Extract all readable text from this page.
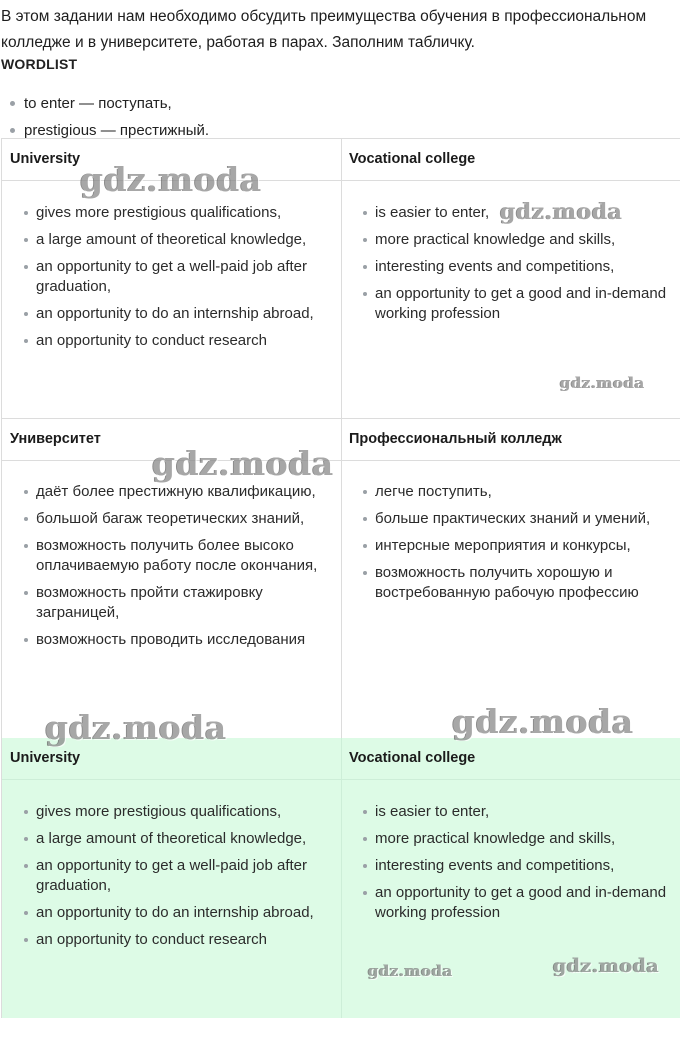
В этом задании нам необходимо обсудить преимущества обучения в профессиональном колледже и в университете, работая в парах. Заполним табличку.
WORDLIST
to enter — поступать,
prestigious — престижный.
University	Vocational college
gives more prestigious qualifications,
a large amount of theoretical knowledge,
an opportunity to get a well-paid job after graduation,
an opportunity to do an internship abroad,
an opportunity to conduct research
is easier to enter,
more practical knowledge and skills,
interesting events and competitions,
an opportunity to get a good and in-demand working profession
Университет	Профессиональный колледж
даёт более престижную квалификацию,
большой багаж теоретических знаний,
возможность получить более высоко оплачиваемую работу после окончания,
возможность пройти стажировку заграницей,
возможность проводить исследования
легче поступить,
больше практических знаний и умений,
интерсные мероприятия и конкурсы,
возможность получить хорошую и востребованную рабочую профессию
University	Vocational college
gives more prestigious qualifications,
a large amount of theoretical knowledge,
an opportunity to get a well-paid job after graduation,
an opportunity to do an internship abroad,
an opportunity to conduct research
is easier to enter,
more practical knowledge and skills,
interesting events and competitions,
an opportunity to get a good and in-demand working profession
gdz.moda
gdz.moda
gdz.moda
gdz.moda
gdz.moda	gdz.moda
gdz.moda	gdz.moda
